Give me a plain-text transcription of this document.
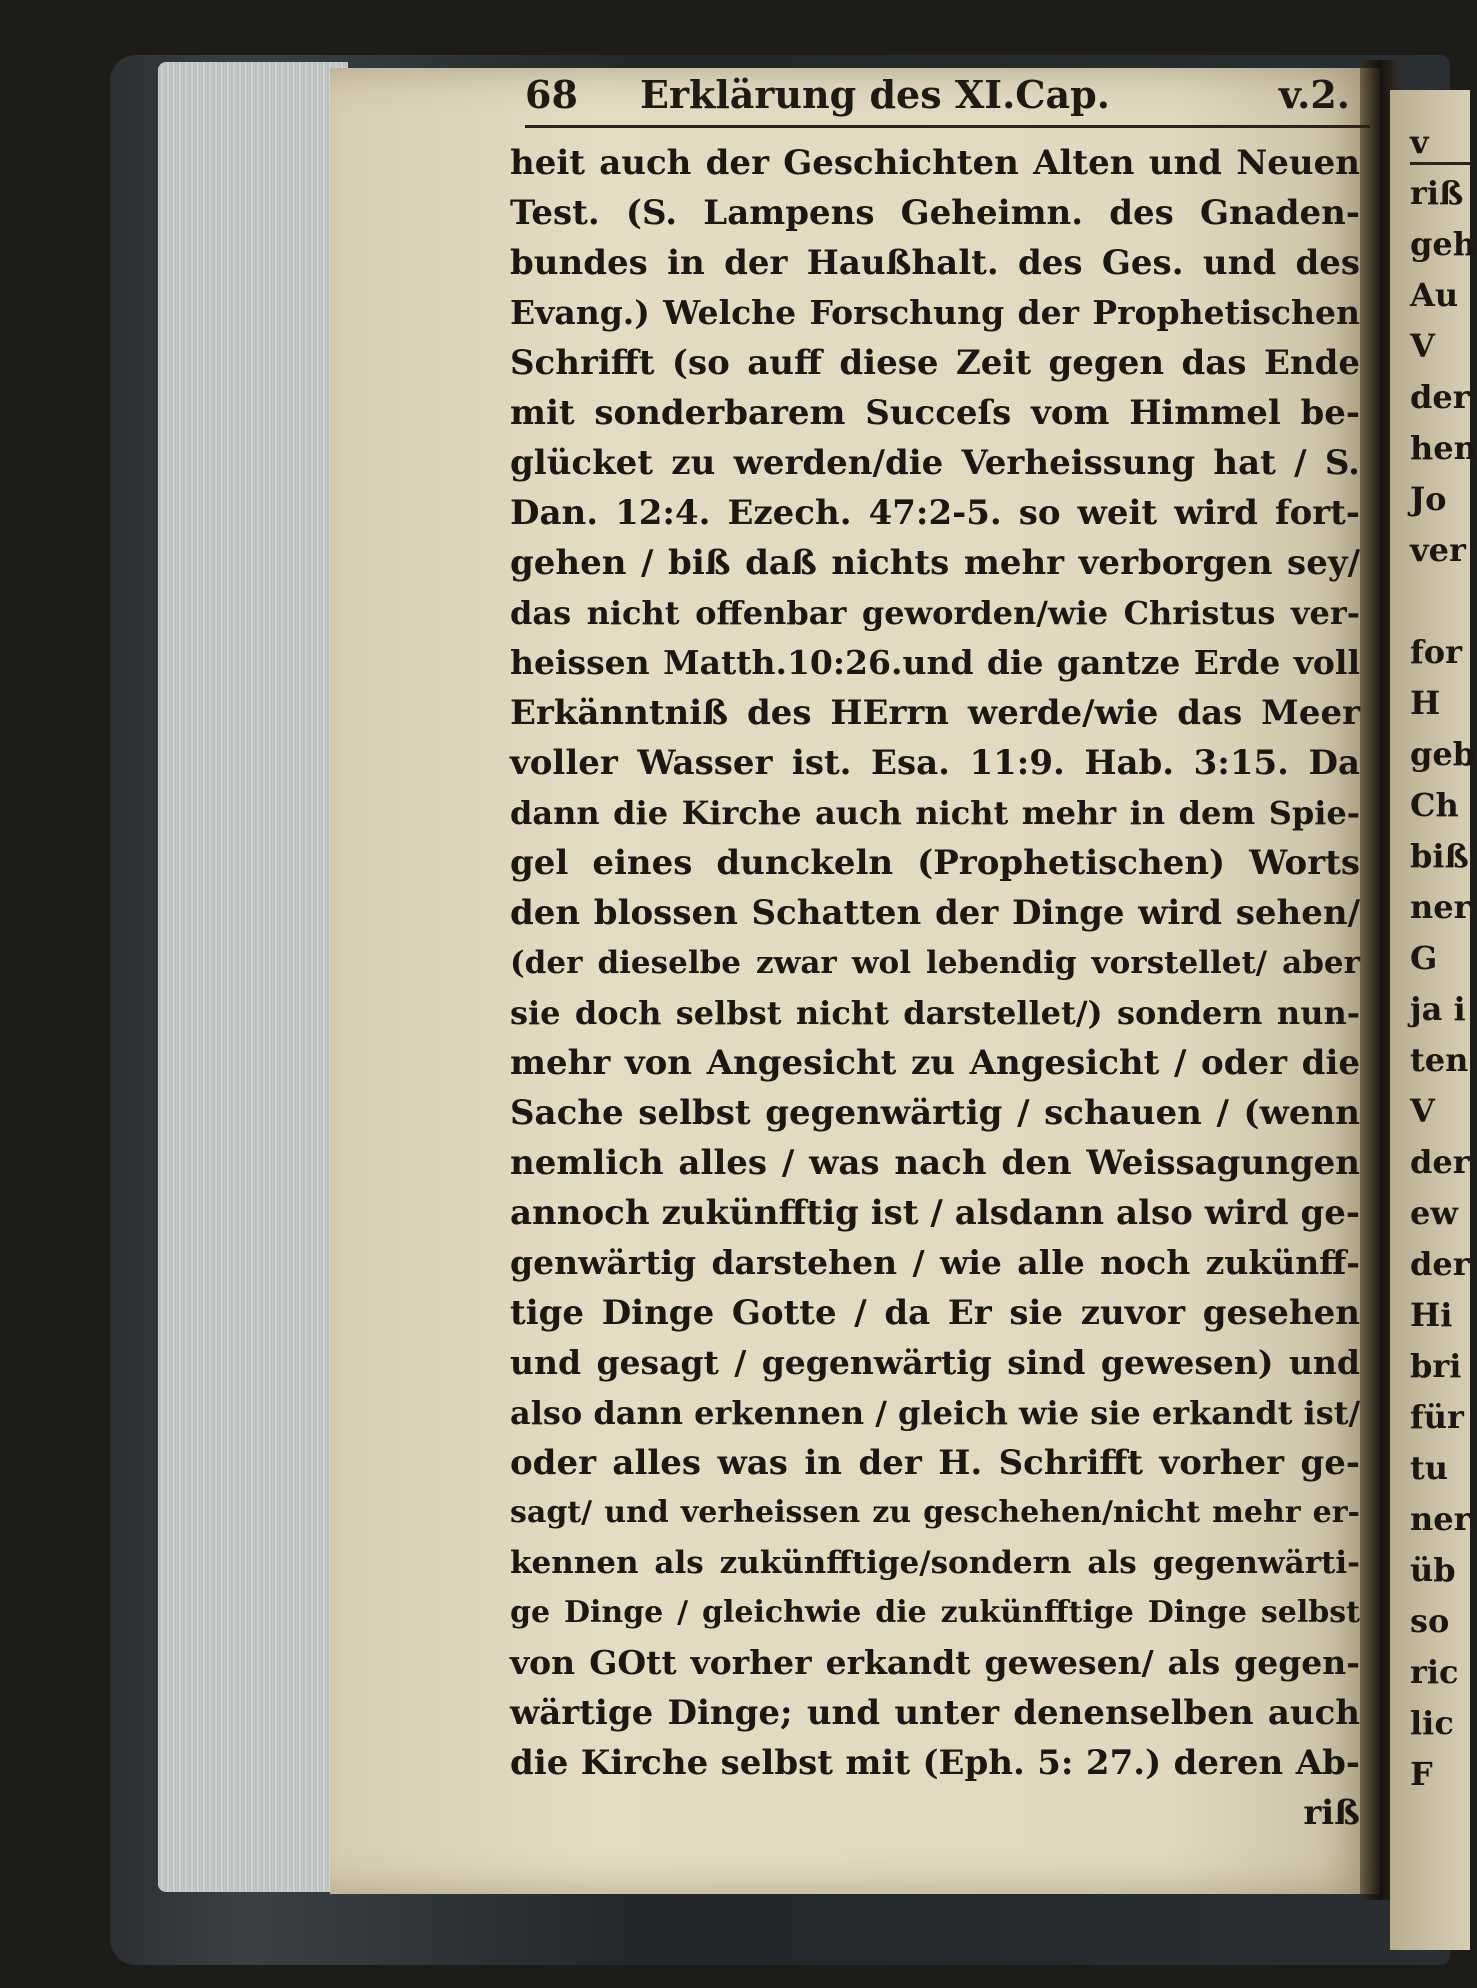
68 Erklärung des XI.Cap.	v.2.
heit auch der Geschichten Alten und Neuen
Test. (S. Lampens Geheimn. des Gnaden-
bundes in der Haußhalt. des Ges. und des
Evang.) Welche Forschung der Prophetischen
Schrifft (so auff diese Zeit gegen das Ende
mit sonderbarem Succeſs vom Himmel be-
glücket zu werden/die Verheissung hat / S.
Dan. 12:4. Ezech. 47:2-5. so weit wird fort-
gehen / biß daß nichts mehr verborgen sey/
das nicht offenbar geworden/wie Christus ver-
heissen Matth.10:26.und die gantze Erde voll
Erkänntniß des HErrn werde/wie das Meer
voller Wasser ist. Esa. 11:9. Hab. 3:15. Da
dann die Kirche auch nicht mehr in dem Spie-
gel eines dunckeln (Prophetischen) Worts
den blossen Schatten der Dinge wird sehen/
(der dieselbe zwar wol lebendig vorstellet/ aber
sie doch selbst nicht darstellet/) sondern nun-
mehr von Angesicht zu Angesicht / oder die
Sache selbst gegenwärtig / schauen / (wenn
nemlich alles / was nach den Weissagungen
annoch zukünfftig ist / alsdann also wird ge-
genwärtig darstehen / wie alle noch zukünff-
tige Dinge Gotte / da Er sie zuvor gesehen
und gesagt / gegenwärtig sind gewesen) und
also dann erkennen / gleich wie sie erkandt ist/
oder alles was in der H. Schrifft vorher ge-
sagt/ und verheissen zu geschehen/nicht mehr er-
kennen als zukünfftige/sondern als gegenwärti-
ge Dinge / gleichwie die zukünfftige Dinge selbst
von GOtt vorher erkandt gewesen/ als gegen-
wärtige Dinge; und unter denenselben auch
die Kirche selbst mit (Eph. 5: 27.) deren Ab-
riß
v
riß
geh
Au
V
der
hen
Jo
ver
for
H
geb
Ch
biß
ner
G
ja i
ten
V
der
ew
der
Hi
bri
für
tu
ner
üb
so
ric
lic
F
